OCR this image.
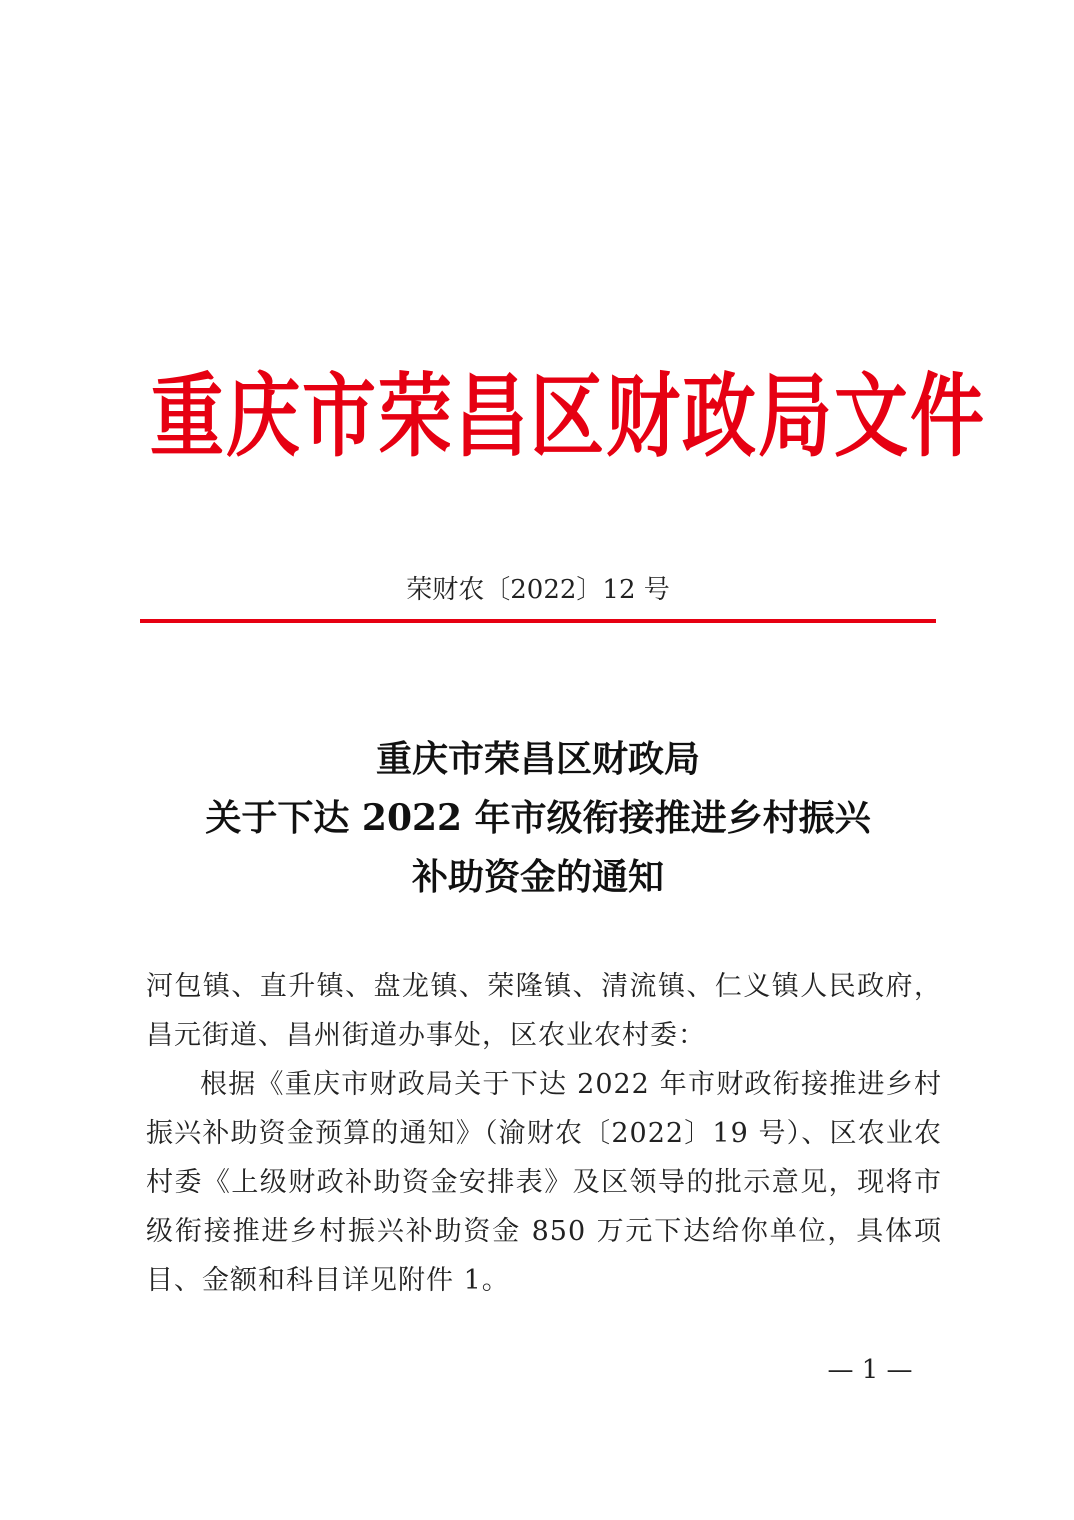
重庆市荣昌区财政局文件
荣财农〔2022〕12 号
重庆市荣昌区财政局
关于下达 2022 年市级衔接推进乡村振兴
补助资金的通知

河包镇、直升镇、盘龙镇、荣隆镇、清流镇、仁义镇人民政府，昌元街道、昌州街道办事处，区农业农村委：

根据《重庆市财政局关于下达 2022 年市财政衔接推进乡村振兴补助资金预算的通知》（渝财农〔2022〕19 号）、区农业农村委《上级财政补助资金安排表》及区领导的批示意见，现将市级衔接推进乡村振兴补助资金 850 万元下达给你单位，具体项目、金额和科目详见附件 1。

— 1 —
